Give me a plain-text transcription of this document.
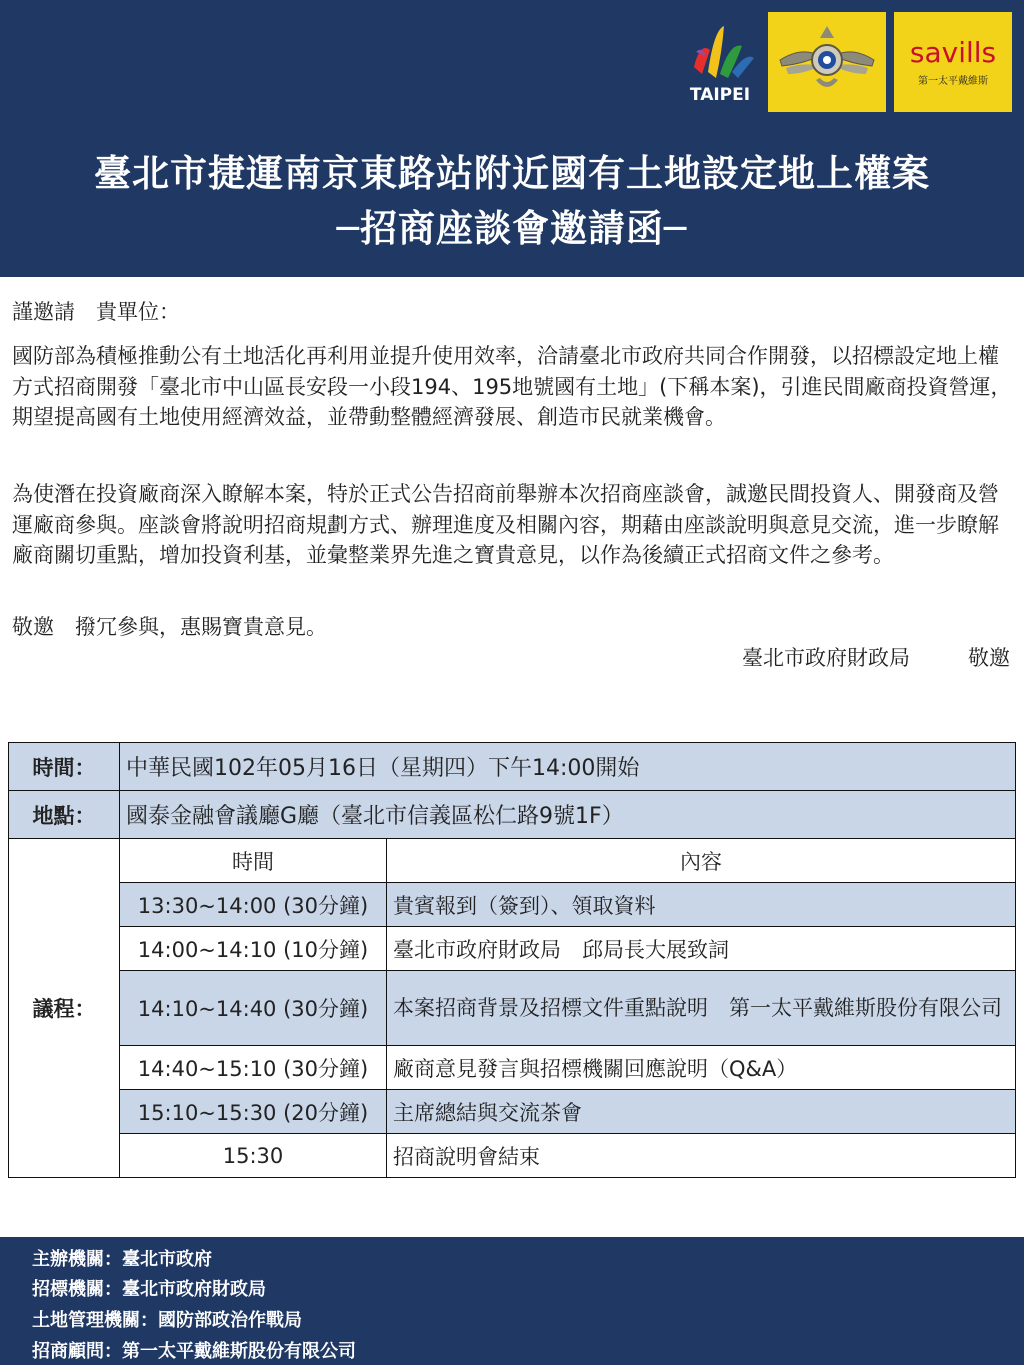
TAIPEI
savills
第一太平戴維斯
臺北市捷運南京東路站附近國有土地設定地上權案
─招商座談會邀請函─
謹邀請　貴單位：
國防部為積極推動公有土地活化再利用並提升使用效率，洽請臺北市政府共同合作開發，以招標設定地上權方式招商開發「臺北市中山區長安段一小段194、195地號國有土地」(下稱本案)，引進民間廠商投資營運，期望提高國有土地使用經濟效益，並帶動整體經濟發展、創造市民就業機會。
為使潛在投資廠商深入瞭解本案，特於正式公告招商前舉辦本次招商座談會，誠邀民間投資人、開發商及營運廠商參與。座談會將說明招商規劃方式、辦理進度及相關內容，期藉由座談說明與意見交流，進一步瞭解廠商關切重點，增加投資利基，並彙整業界先進之寶貴意見，以作為後續正式招商文件之參考。
敬邀　撥冗參與，惠賜寶貴意見。
臺北市政府財政局	敬邀
時間：	中華民國102年05月16日（星期四）下午14:00開始	
地點：	國泰金融會議廳G廳（臺北市信義區松仁路9號1F）	
議程：	時間	內容
	13:30~14:00 (30分鐘)	貴賓報到（簽到）、領取資料
	14:00~14:10 (10分鐘)	臺北市政府財政局　邱局長大展致詞
	14:10~14:40 (30分鐘)	本案招商背景及招標文件重點說明　第一太平戴維斯股份有限公司
	14:40~15:10 (30分鐘)	廠商意見發言與招標機關回應說明（Q&A）
	15:10~15:30 (20分鐘)	主席總結與交流茶會
	15:30	招商說明會結束
主辦機關：臺北市政府
招標機關：臺北市政府財政局
土地管理機關：國防部政治作戰局
招商顧問：第一太平戴維斯股份有限公司
